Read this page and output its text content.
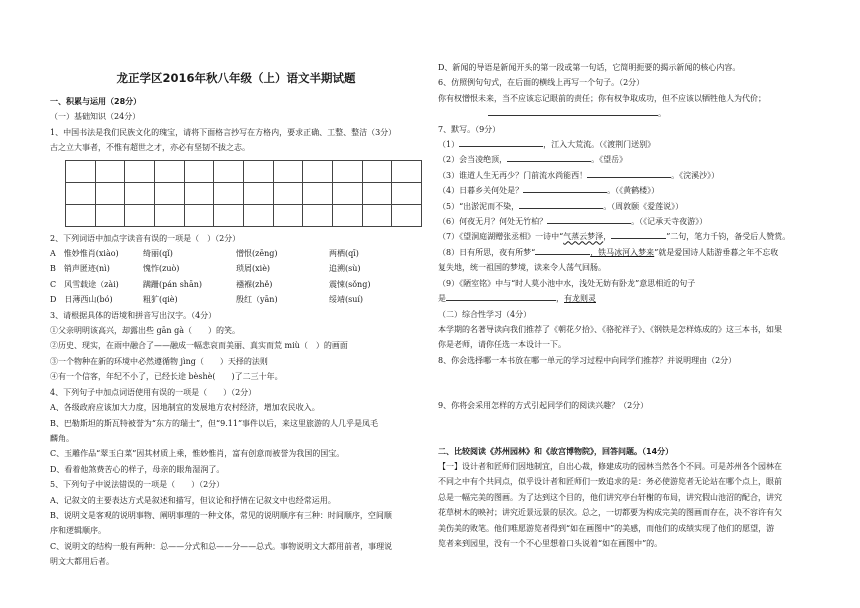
龙正学区2016年秋八年级（上）语文半期试题
一、积累与运用（28分）
（一）基础知识（24分）
1、中国书法是我们民族文化的瑰宝，请将下面格言抄写在方格内，要求正确、工整、整洁（3分）
古之立大事者，不惟有超世之才，亦必有坚韧不拔之志。

2、下列词语中加点字读音有误的一项是（　）（2分）
A　惟妙惟肖(xiào)	绮丽(qǐ)	憎恨(zēng)	两栖(qī)
B　销声匿迹(nì)	愧怍(zuò)	琐屑(xiè)	追溯(sù)
C　风雪载途（zài)	蹒跚(pán shān)	襁褓(zhě)	震悚(sǒng)
D　日薄西山(bó)	粗犷(qiè)	殷红（yān)	绥靖(suí)
3、请根据具体的语境和拼音写出汉字。（4分）
①父亲明明该高兴，却露出些 gān gà（　　）的笑。
②历史、现实，在雨中融合了——融成一幅悲哀而美丽、真实而荒 miù（　）的画面
③一个物种在新的环境中必然遵循物 jìng（　　）天择的法则
④有一个信客，年纪不小了，已经长途 bèshè(　　)了二三十年。
4、下列句子中加点词语使用有误的一项是（　　）（2分）
A、各级政府应该加大力度，因地制宜的发展地方农村经济，增加农民收入。
B、巴勒斯坦的斯瓦特被誉为“东方的瑞士”，但“9.11”事件以后，来这里旅游的人几乎是凤毛
麟角。
C、玉雕作品“翠玉白菜”因其材质上乘，惟妙惟肖，富有创意而被誉为我国的国宝。
D、看着他煞费苦心的样子，母亲的眼角湿润了。
5、下列句子中说法错误的一项是（　　）（2分）
A、记叙文的主要表达方式是叙述和描写，但议论和抒情在记叙文中也经常运用。
B、说明文是客观的说明事物、阐明事理的一种文体，常见的说明顺序有三种：时间顺序，空间顺
序和逻辑顺序。
C、说明文的结构一般有两种：总——分式和总——分——总式。事物说明文大都用前者，事理说
明文大都用后者。
D、新闻的导语是新闻开头的第一段或第一句话，它简明扼要的揭示新闻的核心内容。
6、仿照例句句式，在后面的横线上再写一个句子。（2分）
你有权憎恨未来，当不应该忘记眼前的责任；你有权争取成功，但不应该以牺牲他人为代价；
。
7、默写。（9分）
（1）	，江入大荒流。（《渡荆门送别》
（2）会当凌绝顶，	。《望岳》
（3）谁道人生无再少？门前流水尚能西！	。《浣溪沙》）
（4）日暮乡关何处是？	。（《黄鹤楼》）
（5）“出淤泥而不染，	。（周敦颐《爱莲说》）
（6）何夜无月？何处无竹柏？	。（《记承天寺夜游》）
（7）《望洞庭湖赠张丞相》一诗中“气蒸云梦泽，	”二句，笔力千钧，备受后人赞赏。
（8）日有所思，夜有所梦“	，铁马冰河入梦来”就是爱国诗人陆游垂暮之年不忘收
复失地，统一祖国的梦境，读来令人荡气回肠。
（9）《陋室铭》中与“时人莫小池中水，浅处无妨有卧龙”意思相近的句子
是	，有龙则灵
（二）综合性学习（4分）
本学期的名著导读向我们推荐了《朝花夕拾》、《骆驼祥子》、《钢铁是怎样炼成的》这三本书，如果
你是老师，请你任选一本设计一下。
8、你会选择哪一本书放在哪一单元的学习过程中向同学们推荐？并说明理由（2分）
9、你将会采用怎样的方式引起同学们的阅读兴趣？（2分）
二、比较阅读《苏州园林》和《故宫博物院》，回答问题。（14分）
【一】设计者和匠师们因地制宜，自出心裁，修建成功的园林当然各个不同。可是苏州各个园林在
不同之中有个共同点，似乎设计者和匠师们一致追求的是：务必使游览者无论站在哪个点上，眼前
总是一幅完美的图画。为了达到这个目的，他们讲究亭台轩榭的布局，讲究假山池沼的配合，讲究
花草树木的映衬；讲究近景远景的层次。总之，一切都要为构成完美的图画而存在，决不容许有欠
美伤美的败笔。他们唯愿游览者得到“如在画图中”的美感，而他们的成绩实现了他们的愿望，游
览者来到园里，没有一个不心里想着口头说着“如在画图中”的。
